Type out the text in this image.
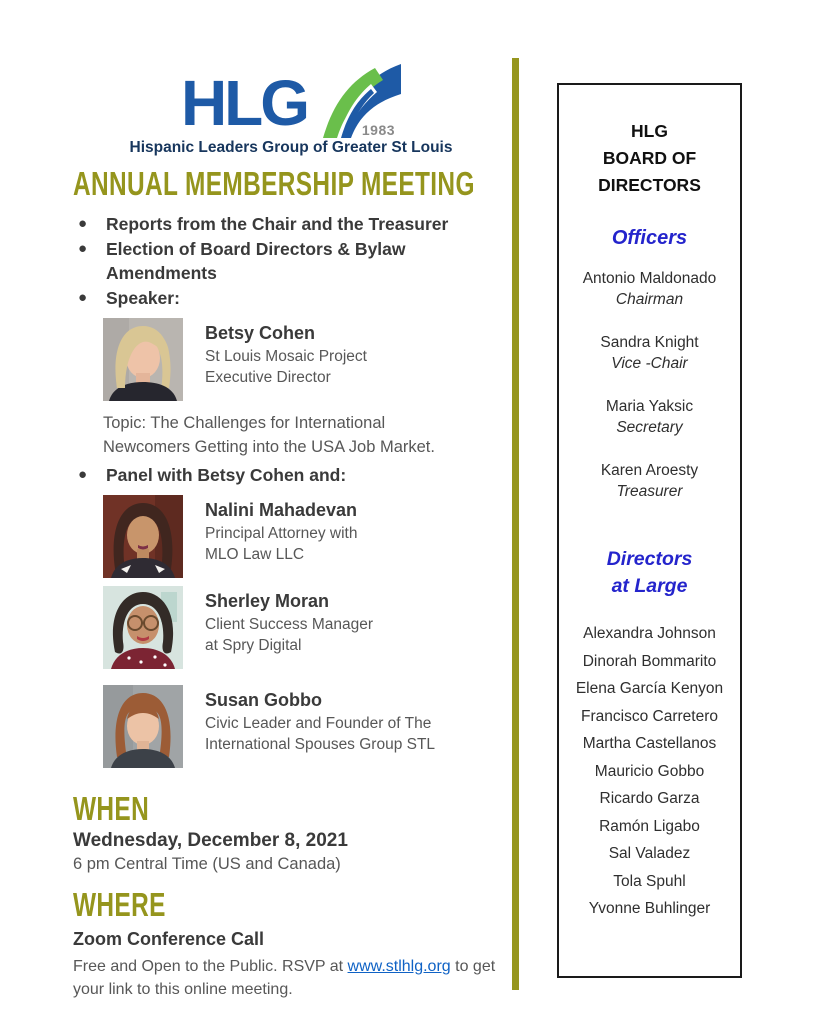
HLG	1983
Hispanic Leaders Group of Greater St Louis
ANNUAL MEMBERSHIP MEETING
●	Reports from the Chair and the Treasurer
●	Election of Board Directors & Bylaw
Amendments
●	Speaker:
Betsy Cohen
St Louis Mosaic Project
Executive Director
Topic: The Challenges for International
Newcomers Getting into the USA Job Market.
●	Panel with Betsy Cohen and:
Nalini Mahadevan
Principal Attorney with
MLO Law LLC
Sherley Moran
Client Success Manager
at Spry Digital
Susan Gobbo
Civic Leader and Founder of The
International Spouses Group STL
WHEN
Wednesday, December 8, 2021
6 pm Central Time (US and Canada)
WHERE
Zoom Conference Call
Free and Open to the Public. RSVP at www.stlhlg.org to get your link to this online meeting.
HLG
BOARD OF
DIRECTORS
Officers
Antonio Maldonado
Chairman
Sandra Knight
Vice -Chair
Maria Yaksic
Secretary
Karen Aroesty
Treasurer
Directors
at Large
Alexandra Johnson
Dinorah Bommarito
Elena García Kenyon
Francisco Carretero
Martha Castellanos
Mauricio Gobbo
Ricardo Garza
Ramón Ligabo
Sal Valadez
Tola Spuhl
Yvonne Buhlinger
